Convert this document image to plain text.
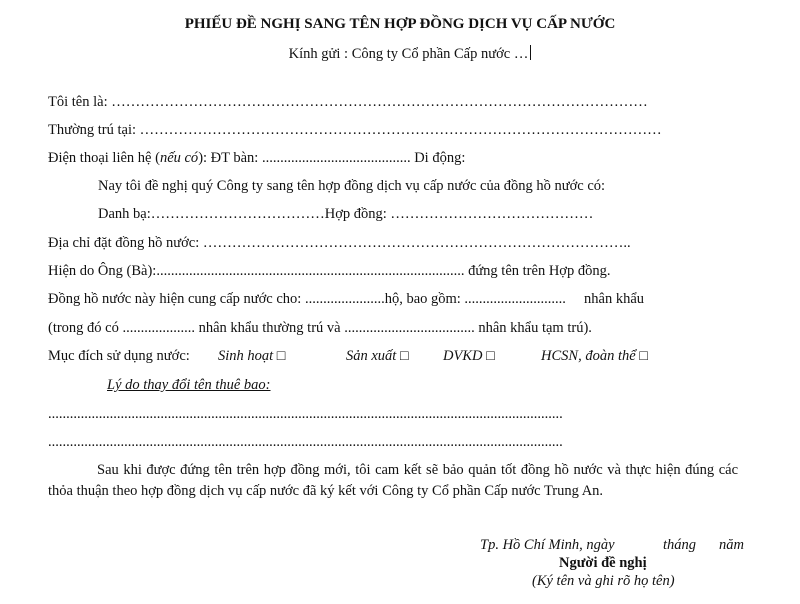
PHIẾU ĐỀ NGHỊ SANG TÊN HỢP ĐỒNG DỊCH VỤ CẤP NƯỚC
Kính gửi : Công ty Cổ phần Cấp nước …
Tôi tên là: …………………………………………………………………………………………………
Thường trú tại: ………………………………………………………………………………………………
Điện thoại liên hệ (nếu có): ĐT bàn: ......................................... Di động:
Nay tôi đề nghị quý Công ty sang tên hợp đồng dịch vụ cấp nước của đồng hồ nước có:
Danh bạ:………………………………Hợp đồng: ……………………………………
Địa chỉ đặt đồng hồ nước: ……………………………………………………………………………..
Hiện do Ông (Bà):..................................................................................... đứng tên trên Hợp đồng.
Đồng hồ nước này hiện cung cấp nước cho: ......................hộ, bao gồm: ............................     nhân khẩu
(trong đó có .................... nhân khẩu thường trú và .................................... nhân khẩu tạm trú).
Mục đích sử dụng nước: Sinh hoạt □	Sản xuất □ DVKD □	HCSN, đoàn thể □
Lý do thay đổi tên thuê bao:
..............................................................................................................................................
..............................................................................................................................................
Sau khi được đứng tên trên hợp đồng mới, tôi cam kết sẽ bảo quản tốt đồng hồ nước và thực hiện đúng các thỏa thuận theo hợp đồng dịch vụ cấp nước đã ký kết với Công ty Cổ phần Cấp nước Trung An.
Tp. Hồ Chí Minh, ngày	tháng năm
Người đề nghị
(Ký tên và ghi rõ họ tên)
